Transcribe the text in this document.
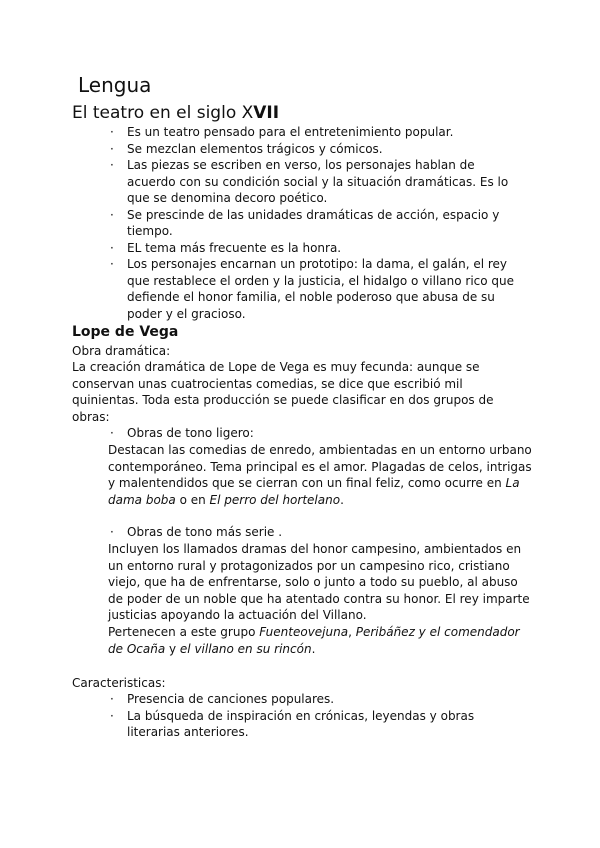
Lengua
El teatro en el siglo XVII
· Es un teatro pensado para el entretenimiento popular.
· Se mezclan elementos trágicos y cómicos.
· Las piezas se escriben en verso, los personajes hablan de acuerdo con su condición social y la situación dramáticas. Es lo que se denomina decoro poético.
· Se prescinde de las unidades dramáticas de acción, espacio y tiempo.
· EL tema más frecuente es la honra.
· Los personajes encarnan un prototipo: la dama, el galán, el rey que restablece el orden y la justicia, el hidalgo o villano rico que defiende el honor familia, el noble poderoso que abusa de su poder y el gracioso.
Lope de Vega

Obra dramática:

La creación dramática de Lope de Vega es muy fecunda: aunque se conservan unas cuatrocientas comedias, se dice que escribió mil quinientas. Toda esta producción se puede clasificar en dos grupos de obras:

· Obras de tono ligero:

Destacan las comedias de enredo, ambientadas en un entorno urbano contemporáneo. Tema principal es el amor. Plagadas de celos, intrigas y malentendidos que se cierran con un final feliz, como ocurre en La dama boba o en El perro del hortelano.

· Obras de tono más serie .

Incluyen los llamados dramas del honor campesino, ambientados en un entorno rural y protagonizados por un campesino rico, cristiano viejo, que ha de enfrentarse, solo o junto a todo su pueblo, al abuso de poder de un noble que ha atentado contra su honor. El rey imparte justicias apoyando la actuación del Villano.

Pertenecen a este grupo Fuenteovejuna, Peribáñez y el comendador de Ocaña y el villano en su rincón.

Caracteristicas:

· Presencia de canciones populares.
· La búsqueda de inspiración en crónicas, leyendas y obras literarias anteriores.
